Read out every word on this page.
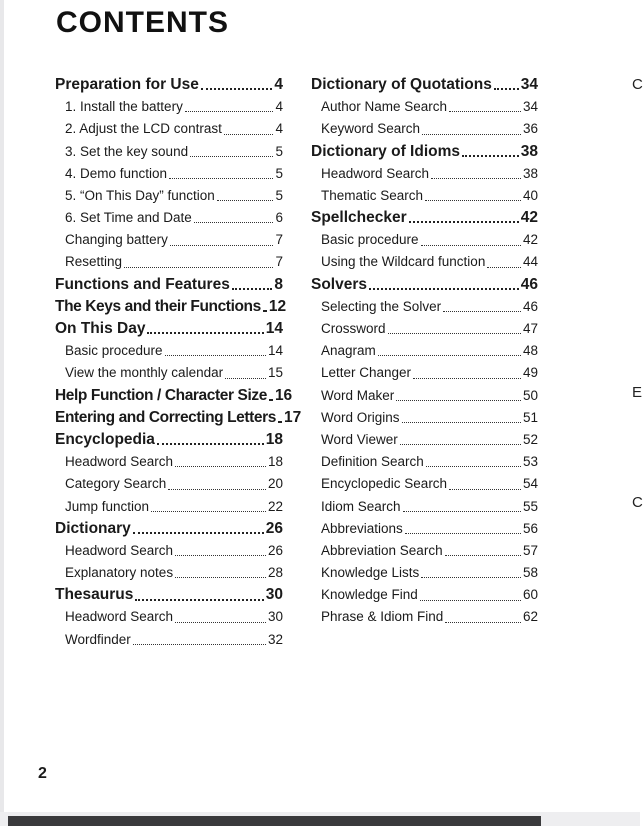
CONTENTS
Preparation for Use	4
1. Install the battery	4
2. Adjust the LCD contrast	4
3. Set the key sound	5
4. Demo function	5
5. “On This Day” function	5
6. Set Time and Date	6
Changing battery	7
Resetting	7
Functions and Features	8
The Keys and their Functions 12
On This Day	14
Basic procedure	14
View the monthly calendar	15
Help Function / Character Size 16
Entering and Correcting Letters 17
Encyclopedia	18
Headword Search	18
Category Search	20
Jump function	22
Dictionary	26
Headword Search	26
Explanatory notes	28
Thesaurus	30
Headword Search	30
Wordfinder	32
Dictionary of Quotations 34
Author Name Search	34
Keyword Search	36
Dictionary of Idioms	38
Headword Search	38
Thematic Search	40
Spellchecker	42
Basic procedure	42
Using the Wildcard function	44
Solvers	46
Selecting the Solver	46
Crossword	47
Anagram	48
Letter Changer	49
Word Maker	50
Word Origins	51
Word Viewer	52
Definition Search	53
Encyclopedic Search	54
Idiom Search	55
Abbreviations	56
Abbreviation Search	57
Knowledge Lists	58
Knowledge Find	60
Phrase & Idiom Find	62
C
E
C
2
